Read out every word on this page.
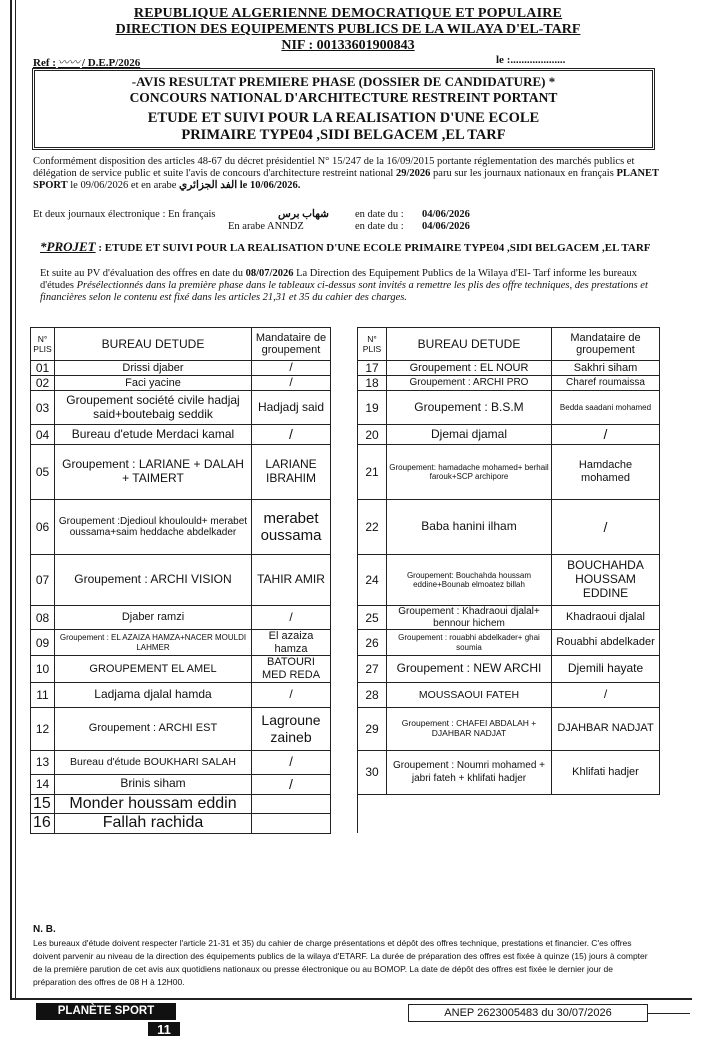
REPUBLIQUE ALGERIENNE DEMOCRATIQUE ET POPULAIRE
DIRECTION DES EQUIPEMENTS PUBLICS DE LA WILAYA D'EL-TARF
NIF : 00133601900843
Ref : 〰〰 / D.E.P/2026	le :....................
-AVIS RESULTAT PREMIERE PHASE (DOSSIER DE CANDIDATURE) *
CONCOURS NATIONAL D'ARCHITECTURE RESTREINT PORTANT
ETUDE ET SUIVI POUR LA REALISATION D'UNE ECOLE
PRIMAIRE TYPE04 ,SIDI BELGACEM ,EL TARF
Conformément disposition des articles 48-67 du décret présidentiel N° 15/247 de la 16/09/2015 portante réglementation des marchés publics et délégation de service public et suite l'avis de concours d'architecture restreint national 29/2026 paru sur les journaux nationaux en français PLANET SPORT le 09/06/2026 et en arabe الفد الجزائري le 10/06/2026.
Et deux journaux électronique : En français	شهاب برس	en date du :	04/06/2026
En arabe ANNDZ	en date du :	04/06/2026
*PROJET : ETUDE ET SUIVI POUR LA REALISATION D'UNE ECOLE PRIMAIRE TYPE04 ,SIDI BELGACEM ,EL TARF
Et suite au PV d'évaluation des offres en date du 08/07/2026 La Direction des Equipement Publics de la Wilaya d'El- Tarf informe les bureaux d'études Présélectionnés dans la première phase dans le tableaux ci-dessus sont invités a remettre les plis des offre techniques, des prestations et financières selon le contenu est fixé dans les articles 21,31 et 35 du cahier des charges.
N° PLIS	BUREAU DETUDE	Mandataire de groupement		N° PLIS	BUREAU DETUDE	Mandataire de groupement
01	Drissi djaber	/		17	Groupement : EL NOUR	Sakhri siham
02	Faci yacine	/		18	Groupement : ARCHI PRO	Charef roumaissa
03	Groupement société civile hadjaj said+boutebaig seddik	Hadjadj said		19	Groupement : B.S.M	Bedda saadani mohamed
04	Bureau d'etude Merdaci kamal	/		20	Djemai djamal	/
05	Groupement : LARIANE + DALAH + TAIMERT	LARIANE IBRAHIM		21	Groupement: hamadache mohamed+ berhail farouk+SCP archipore	Hamdache mohamed
06	Groupement :Djedioul khoulould+ merabet oussama+saim heddache abdelkader	merabet oussama		22	Baba hanini ilham	/
07	Groupement : ARCHI VISION	TAHIR AMIR		24	Groupement: Bouchahda houssam eddine+Bounab elmoatez billah	BOUCHAHDA HOUSSAM EDDINE
08	Djaber ramzi	/		25	Groupement : Khadraoui djalal+ bennour hichem	Khadraoui djalal
09	Groupement : EL AZAIZA HAMZA+NACER MOULDI LAHMER	El azaiza hamza		26	Groupement : rouabhi abdelkader+ ghai soumia	Rouabhi abdelkader
10	GROUPEMENT EL AMEL	BATOURI MED REDA		27	Groupement : NEW ARCHI	Djemili hayate
11	Ladjama djalal hamda	/		28	MOUSSAOUI FATEH	/
12	Groupement : ARCHI EST	Lagroune zaineb		29	Groupement : CHAFEI ABDALAH + DJAHBAR NADJAT	DJAHBAR NADJAT
13	Bureau d'étude BOUKHARI SALAH	/		30	Groupement : Noumri mohamed + jabri fateh + khlifati hadjer	Khlifati hadjer
14	Brinis siham	/				
15	Monder houssam eddin					
16	Fallah rachida					
N. B.
Les bureaux d'étude doivent respecter l'article 21-31 et 35) du cahier de charge présentations et dépôt des offres technique, prestations et financier. C'es offres doivent parvenir au niveau de la direction des équipements publics de la wilaya d'ETARF. La durée de préparation des offres est fixée à quinze (15) jours à compter de la première parution de cet avis aux quotidiens nationaux ou presse électronique ou au BOMOP. La date de dépôt des offres est fixée le dernier jour de préparation des offres de 08 H à 12H00.
PLANÈTE SPORT
11
ANEP 2623005483 du 30/07/2026
